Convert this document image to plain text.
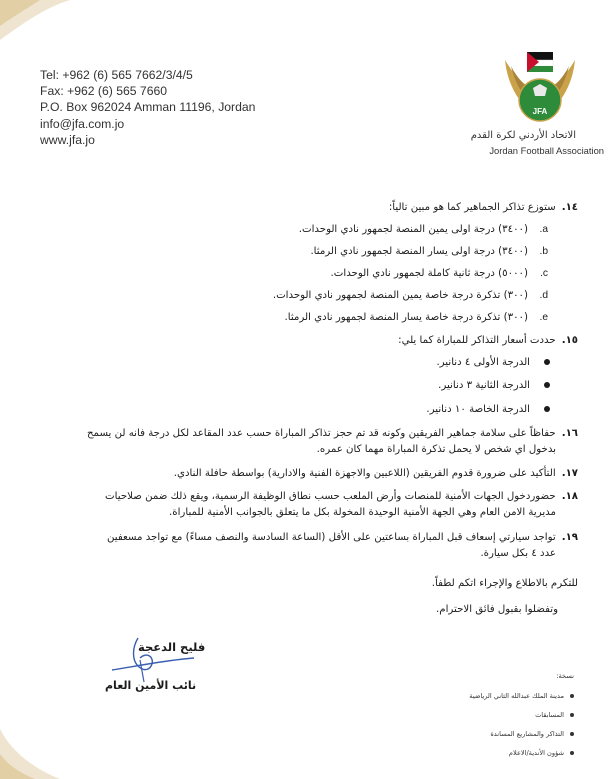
Tel: +962 (6) 565 7662/3/4/5
Fax: +962 (6) 565 7660
P.O. Box 962024 Amman 11196, Jordan
info@jfa.com.jo
www.jfa.jo
JFA
الاتحاد الأردني لكرة القدم
Jordan Football Association
١٤.ستوزع تذاكر الجماهير كما هو مبين تالياً:
a.(٣٤٠٠) درجة اولى يمين المنصة لجمهور نادي الوحدات.
b.(٣٤٠٠) درجة اولى يسار المنصة لجمهور نادي الرمثا.
c.(٥٠٠٠) درجة ثانية كاملة لجمهور نادي الوحدات.
d.(٣٠٠) تذكرة درجة خاصة يمين المنصة لجمهور نادي الوحدات.
e.(٣٠٠) تذكرة درجة خاصة يسار المنصة لجمهور نادي الرمثا.
١٥.حددت أسعار التذاكر للمباراة كما يلي:
الدرجة الأولى ٤ دنانير.
الدرجة الثانية ٣ دنانير.
الدرجة الخاصة ١٠ دنانير.
١٦.حفاظاً على سلامة جماهير الفريقين وكونه قد تم حجز تذاكر المباراة حسب عدد المقاعد لكل درجة فانه لن يسمح
بدخول اي شخص لا يحمل تذكرة المباراة مهما كان عمره.
١٧.التأكيد على ضرورة قدوم الفريقين (اللاعبين والاجهزة الفنية والادارية) بواسطة حافلة النادي.
١٨.حضوردخول الجهات الأمنية للمنصات وأرض الملعب حسب نطاق الوظيفة الرسمية، ويقع ذلك ضمن صلاحيات
مديرية الامن العام وهي الجهة الأمنية الوحيدة المخولة بكل ما يتعلق بالجوانب الأمنية للمباراة.
١٩.تواجد سيارتي إسعاف قبل المباراة بساعتين على الأقل (الساعة السادسة والنصف مساءً) مع تواجد مسعفين
عدد ٤ بكل سيارة.
للتكرم بالاطلاع والإجراء اتكم لطفاً.
وتفضلوا بقبول فائق الاحترام.
فليح الدعجة
نائب الأمين العام
نسخة:
مدينة الملك عبدالله الثاني الرياضية
المسابقات
التذاكر والمشاريع المساندة
شؤون الأندية/الاعلام
